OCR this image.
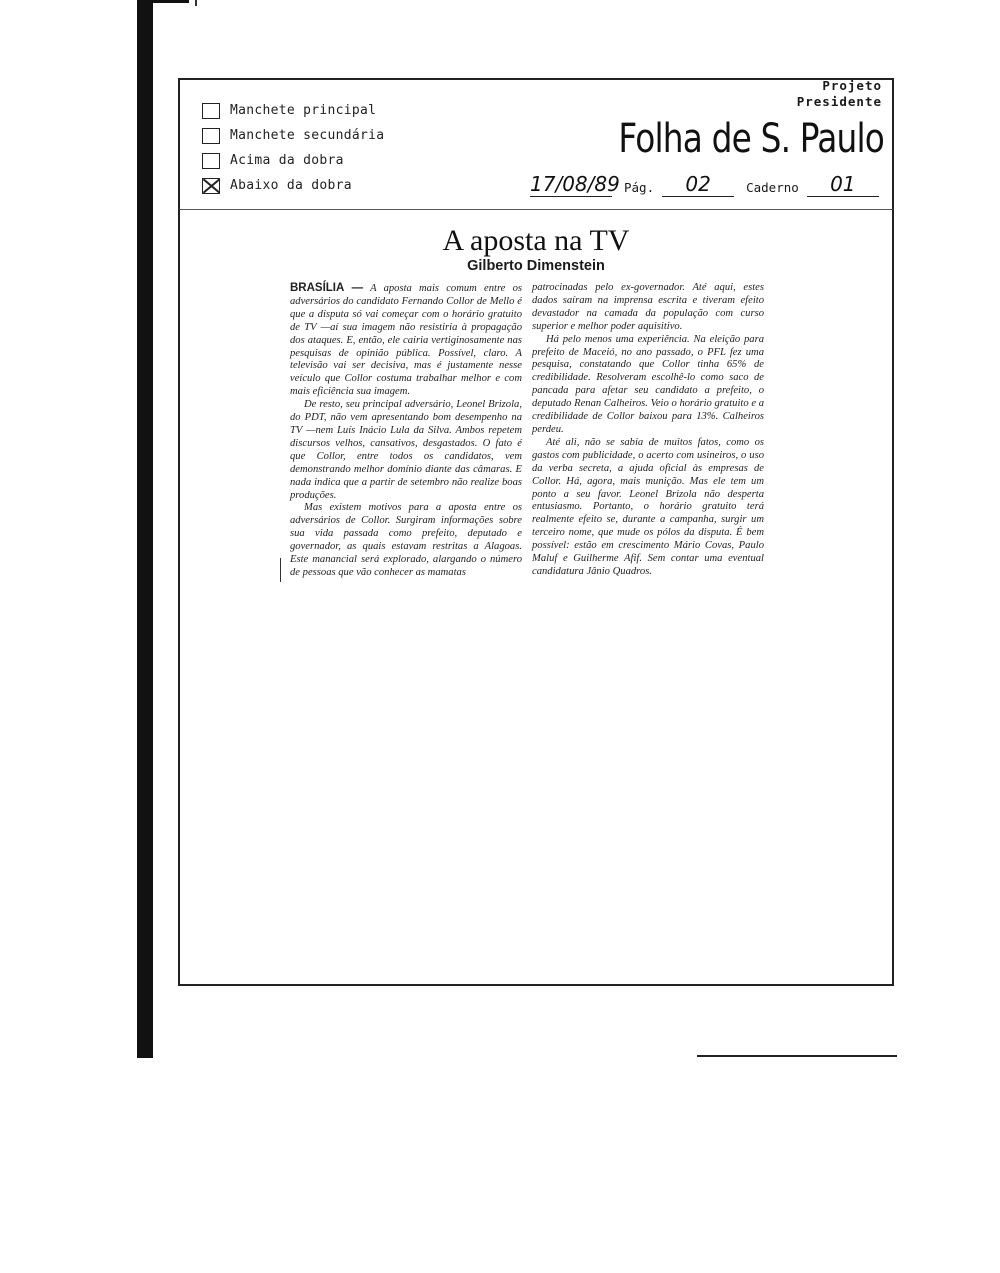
Manchete principal
Manchete secundária
Acima da dobra
Abaixo da dobra
Projeto
Presidente
Folha de S. Paulo
17/08/89 Pág.	02	Caderno	01
A aposta na TV
Gilberto Dimenstein

BRASÍLIA — A aposta mais comum entre os adversários do candidato Fernando Collor de Mello é que a disputa só vai começar com o horário gratuito de TV —aí sua imagem não resistiria à propagação dos ataques. E, então, ele cairia vertiginosamente nas pesquisas de opinião pública. Possível, claro. A televisão vai ser decisiva, mas é justamente nesse veículo que Collor costuma trabalhar melhor e com mais eficiência sua imagem.

De resto, seu principal adversário, Leonel Brizola, do PDT, não vem apresentando bom desempenho na TV —nem Luís Inácio Lula da Silva. Ambos repetem discursos velhos, cansativos, desgastados. O fato é que Collor, entre todos os candidatos, vem demonstrando melhor domínio diante das câmaras. E nada indica que a partir de setembro não realize boas produções.

Mas existem motivos para a aposta entre os adversários de Collor. Surgiram informações sobre sua vida passada como prefeito, deputado e governador, as quais estavam restritas a Alagoas. Este manancial será explorado, alargando o número de pessoas que vão conhecer as mamatas

patrocinadas pelo ex-governador. Até aqui, estes dados saíram na imprensa escrita e tiveram efeito devastador na camada da população com curso superior e melhor poder aquisitivo.

Há pelo menos uma experiência. Na eleição para prefeito de Maceió, no ano passado, o PFL fez uma pesquisa, constatando que Collor tinha 65% de credibilidade. Resolveram escolhê-lo como saco de pancada para afetar seu candidato a prefeito, o deputado Renan Calheiros. Veio o horário gratuito e a credibilidade de Collor baixou para 13%. Calheiros perdeu.

Até ali, não se sabia de muitos fatos, como os gastos com publicidade, o acerto com usineiros, o uso da verba secreta, a ajuda oficial às empresas de Collor. Há, agora, mais munição. Mas ele tem um ponto a seu favor. Leonel Brizola não desperta entusiasmo. Portanto, o horário gratuito terá realmente efeito se, durante a campanha, surgir um terceiro nome, que mude os pólos da disputa. É bem possível: estão em crescimento Mário Covas, Paulo Maluf e Guilherme Afif. Sem contar uma eventual candidatura Jânio Quadros.
